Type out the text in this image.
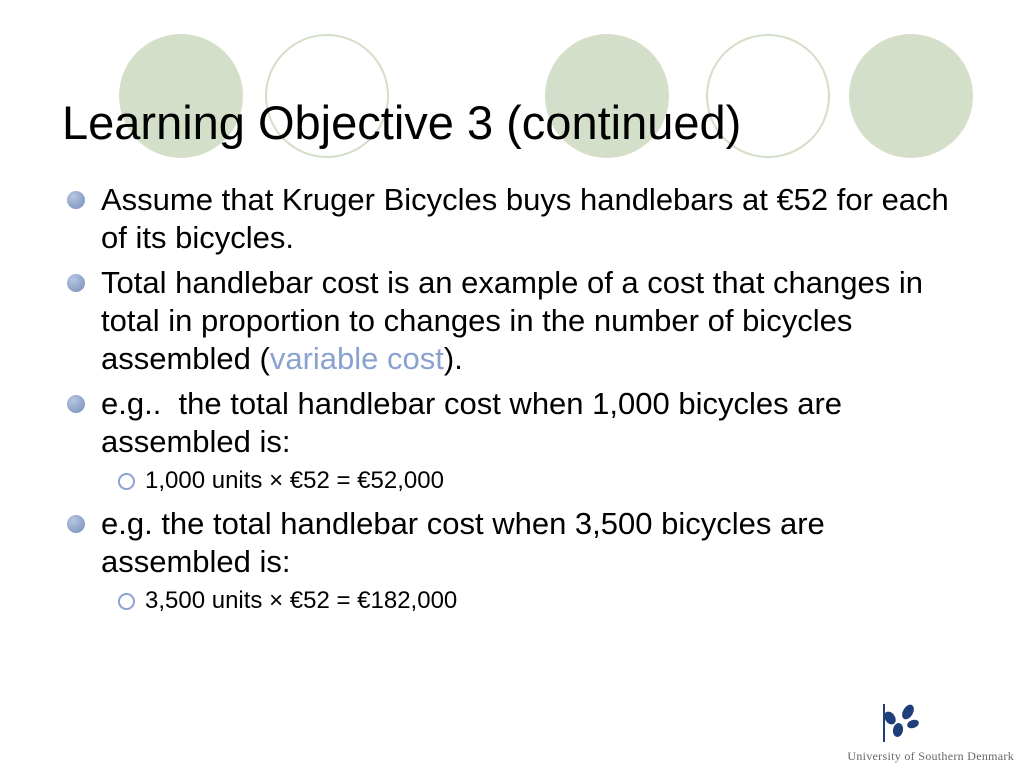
Learning Objective 3 (continued)
Assume that Kruger Bicycles buys handlebars at €52 for each of its bicycles.
Total handlebar cost is an example of a cost that changes in total in proportion to changes in the number of bicycles assembled (variable cost).
e.g..  the total handlebar cost when 1,000 bicycles are assembled is:
1,000 units × €52 = €52,000
e.g. the total handlebar cost when 3,500 bicycles are assembled is:
3,500 units × €52 = €182,000
University of Southern Denmark
